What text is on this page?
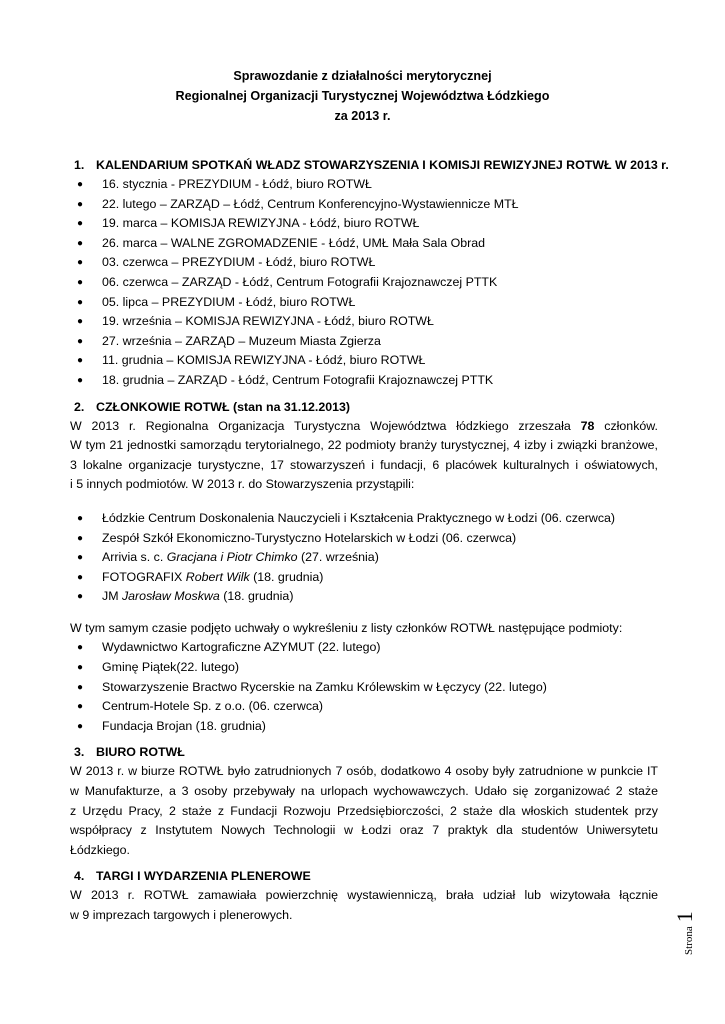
Sprawozdanie z działalności merytorycznej
Regionalnej Organizacji Turystycznej Województwa Łódzkiego
za 2013 r.
1. KALENDARIUM SPOTKAŃ WŁADZ STOWARZYSZENIA I KOMISJI REWIZYJNEJ ROTWŁ W 2013 r.
● 16. stycznia - PREZYDIUM - Łódź, biuro ROTWŁ
● 22. lutego – ZARZĄD – Łódź, Centrum Konferencyjno-Wystawiennicze MTŁ
● 19. marca – KOMISJA REWIZYJNA - Łódź, biuro ROTWŁ
● 26. marca – WALNE ZGROMADZENIE - Łódź, UMŁ Mała Sala Obrad
● 03. czerwca – PREZYDIUM - Łódź, biuro ROTWŁ
● 06. czerwca – ZARZĄD - Łódź, Centrum Fotografii Krajoznawczej PTTK
● 05. lipca – PREZYDIUM - Łódź, biuro ROTWŁ
● 19. września – KOMISJA REWIZYJNA - Łódź, biuro ROTWŁ
● 27. września – ZARZĄD – Muzeum Miasta Zgierza
● 11. grudnia – KOMISJA REWIZYJNA - Łódź, biuro ROTWŁ
● 18. grudnia – ZARZĄD - Łódź, Centrum Fotografii Krajoznawczej PTTK
2. CZŁONKOWIE ROTWŁ (stan na 31.12.2013)

W 2013 r. Regionalna Organizacja Turystyczna Województwa łódzkiego zrzeszała 78 członków.
W tym 21 jednostki samorządu terytorialnego, 22 podmioty branży turystycznej, 4 izby i związki branżowe,
3 lokalne organizacje turystyczne, 17 stowarzyszeń i fundacji, 6 placówek kulturalnych i oświatowych,
i 5 innych podmiotów. W 2013 r. do Stowarzyszenia przystąpili:

● Łódzkie Centrum Doskonalenia Nauczycieli i Kształcenia Praktycznego w Łodzi (06. czerwca)
● Zespół Szkół Ekonomiczno-Turystyczno Hotelarskich w Łodzi (06. czerwca)
● Arrivia s. c. Gracjana i Piotr Chimko (27. września)
● FOTOGRAFIX Robert Wilk (18. grudnia)
● JM Jarosław Moskwa (18. grudnia)

W tym samym czasie podjęto uchwały o wykreśleniu z listy członków ROTWŁ następujące podmioty:

● Wydawnictwo Kartograficzne AZYMUT (22. lutego)
● Gminę Piątek(22. lutego)
● Stowarzyszenie Bractwo Rycerskie na Zamku Królewskim w Łęczycy (22. lutego)
● Centrum-Hotele Sp. z o.o. (06. czerwca)
● Fundacja Brojan (18. grudnia)
3. BIURO ROTWŁ

W 2013 r. w biurze ROTWŁ było zatrudnionych 7 osób, dodatkowo 4 osoby były zatrudnione w punkcie IT
w Manufakturze, a 3 osoby przebywały na urlopach wychowawczych. Udało się zorganizować 2 staże
z Urzędu Pracy, 2 staże z Fundacji Rozwoju Przedsiębiorczości, 2 staże dla włoskich studentek przy
współpracy z Instytutem Nowych Technologii w Łodzi oraz 7 praktyk dla studentów Uniwersytetu
Łódzkiego.

4. TARGI I WYDARZENIA PLENEROWE

W 2013 r. ROTWŁ zamawiała powierzchnię wystawienniczą, brała udział lub wizytowała łącznie
w 9 imprezach targowych i plenerowych.

Strona1
